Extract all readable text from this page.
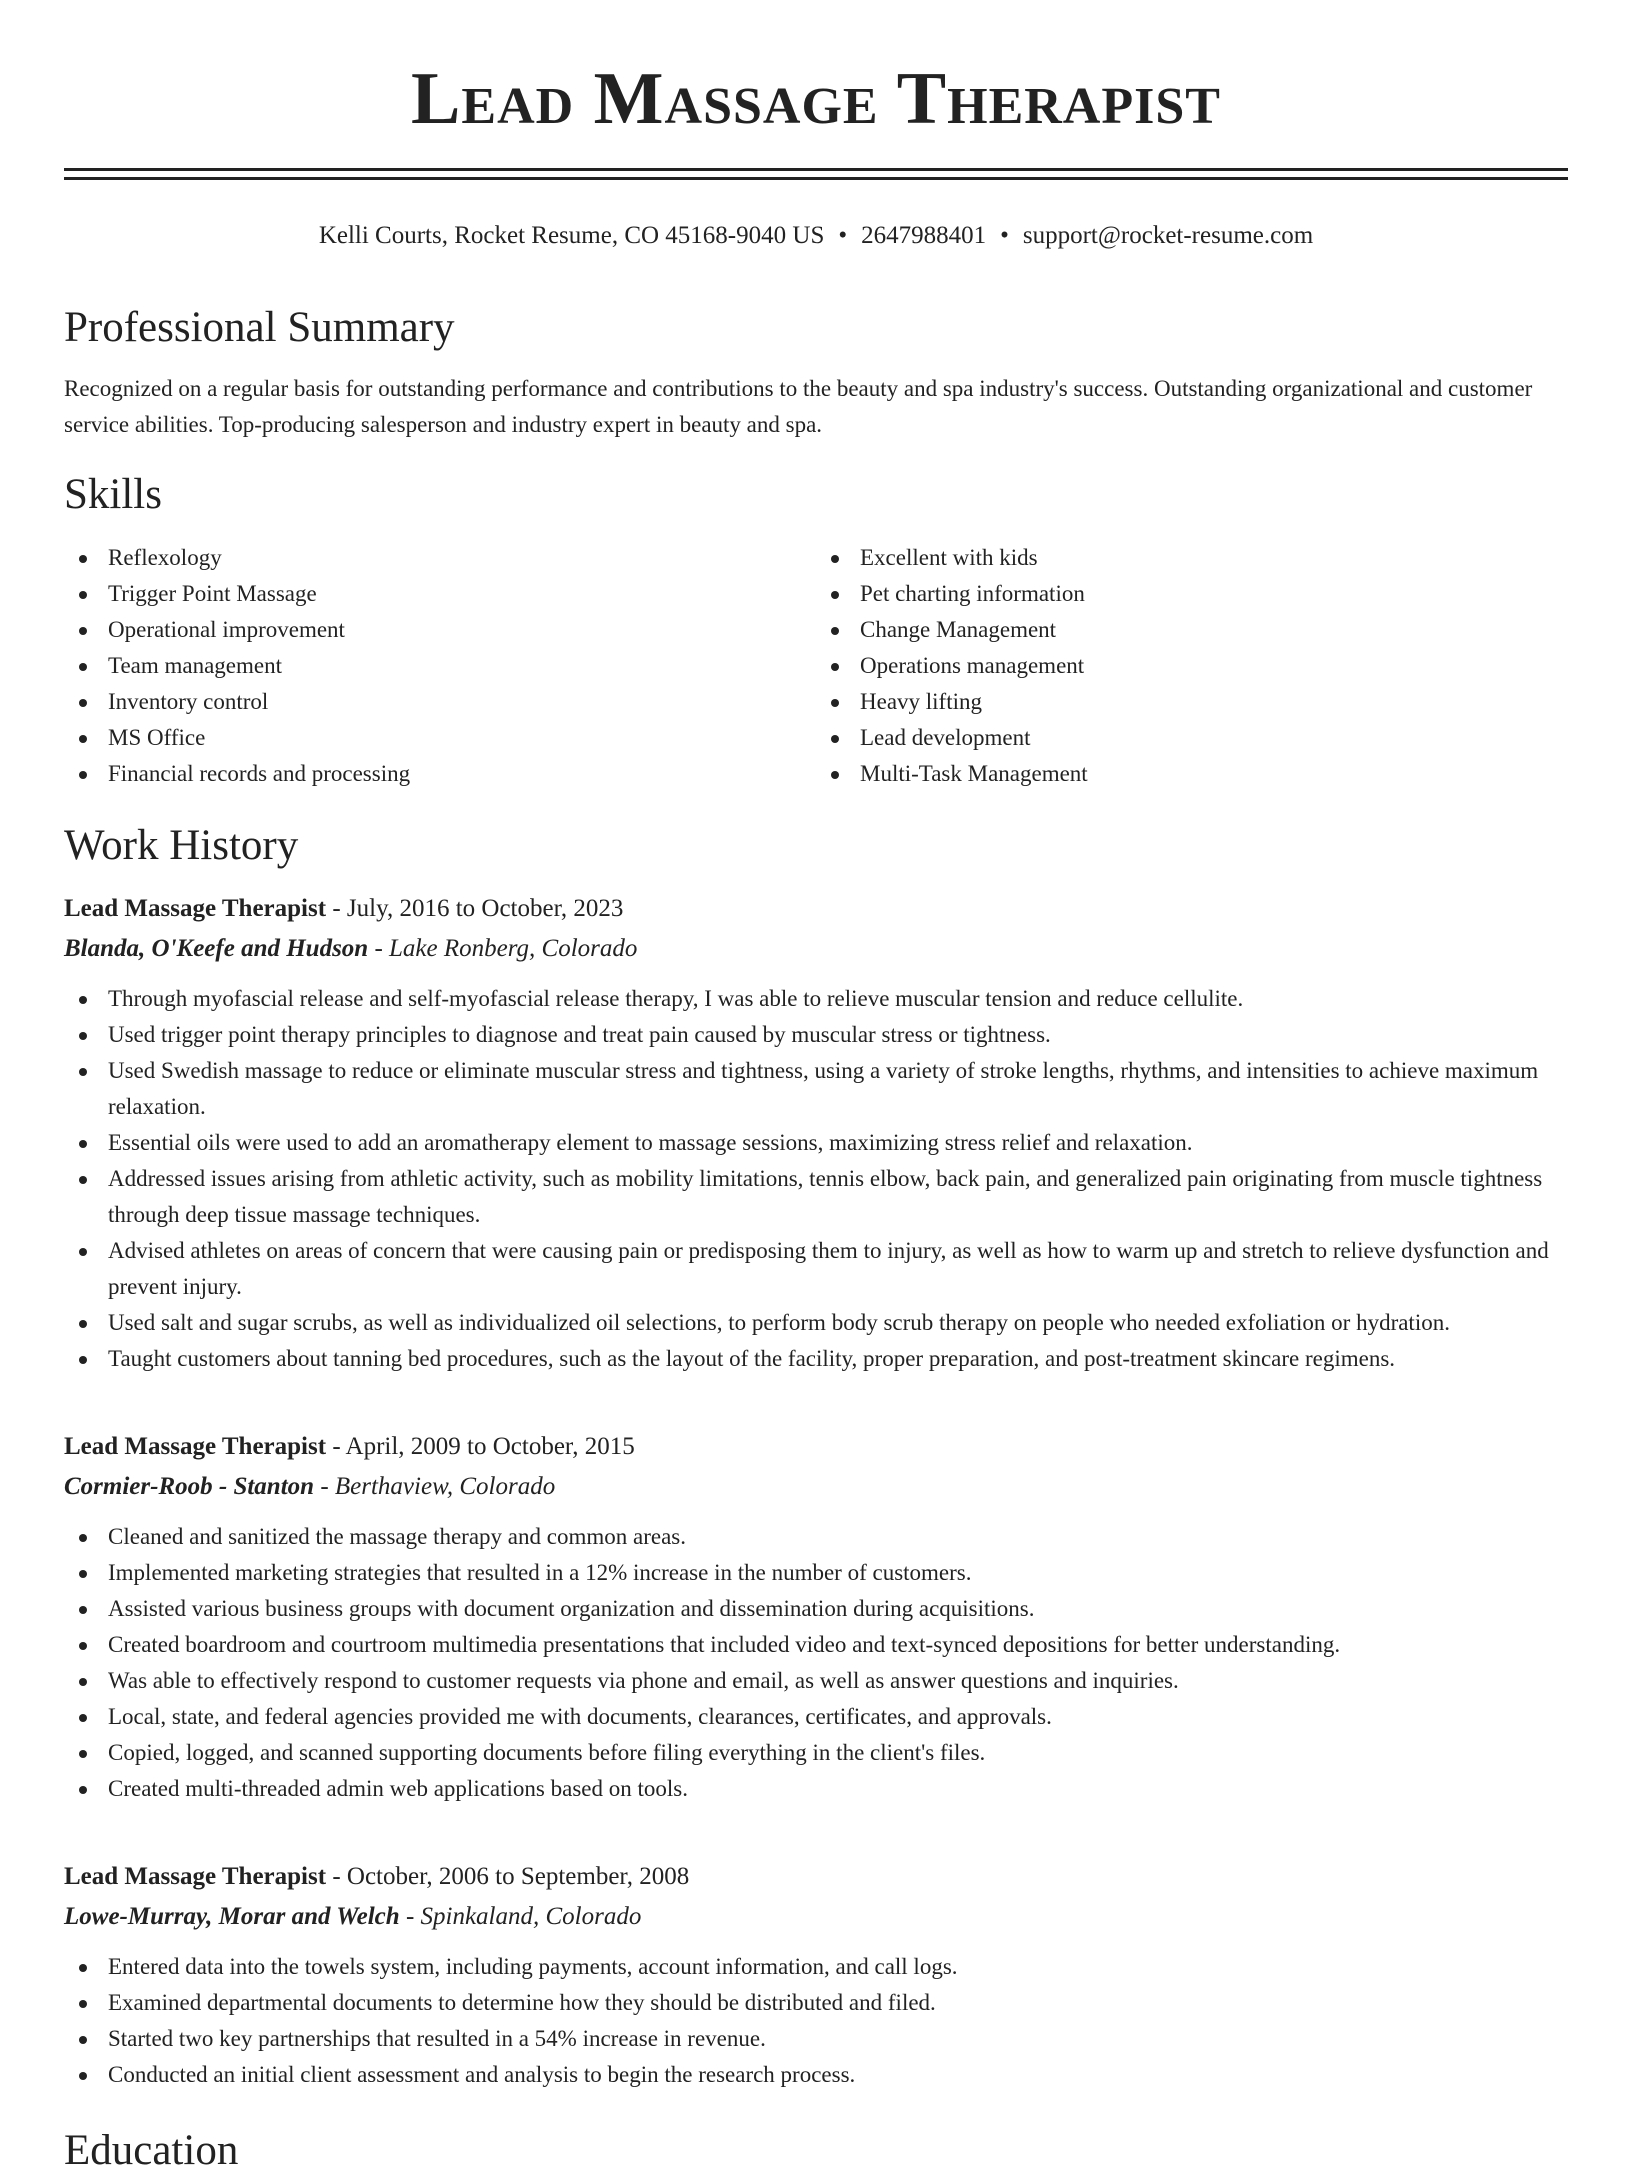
Lead Massage Therapist
Kelli Courts, Rocket Resume, CO 45168-9040 US • 2647988401 • support@rocket-resume.com
Professional Summary

Recognized on a regular basis for outstanding performance and contributions to the beauty and spa industry's success. Outstanding organizational and customer service abilities. Top-producing salesperson and industry expert in beauty and spa.

Skills
Reflexology
Trigger Point Massage
Operational improvement
Team management
Inventory control
MS Office
Financial records and processing
Excellent with kids
Pet charting information
Change Management
Operations management
Heavy lifting
Lead development
Multi-Task Management
Work History
Lead Massage Therapist - July, 2016 to October, 2023
Blanda, O'Keefe and Hudson - Lake Ronberg, Colorado
Through myofascial release and self-myofascial release therapy, I was able to relieve muscular tension and reduce cellulite.
Used trigger point therapy principles to diagnose and treat pain caused by muscular stress or tightness.
Used Swedish massage to reduce or eliminate muscular stress and tightness, using a variety of stroke lengths, rhythms, and intensities to achieve maximum relaxation.
Essential oils were used to add an aromatherapy element to massage sessions, maximizing stress relief and relaxation.
Addressed issues arising from athletic activity, such as mobility limitations, tennis elbow, back pain, and generalized pain originating from muscle tightness through deep tissue massage techniques.
Advised athletes on areas of concern that were causing pain or predisposing them to injury, as well as how to warm up and stretch to relieve dysfunction and prevent injury.
Used salt and sugar scrubs, as well as individualized oil selections, to perform body scrub therapy on people who needed exfoliation or hydration.
Taught customers about tanning bed procedures, such as the layout of the facility, proper preparation, and post-treatment skincare regimens.
Lead Massage Therapist - April, 2009 to October, 2015
Cormier-Roob - Stanton - Berthaview, Colorado
Cleaned and sanitized the massage therapy and common areas.
Implemented marketing strategies that resulted in a 12% increase in the number of customers.
Assisted various business groups with document organization and dissemination during acquisitions.
Created boardroom and courtroom multimedia presentations that included video and text-synced depositions for better understanding.
Was able to effectively respond to customer requests via phone and email, as well as answer questions and inquiries.
Local, state, and federal agencies provided me with documents, clearances, certificates, and approvals.
Copied, logged, and scanned supporting documents before filing everything in the client's files.
Created multi-threaded admin web applications based on tools.
Lead Massage Therapist - October, 2006 to September, 2008
Lowe-Murray, Morar and Welch - Spinkaland, Colorado
Entered data into the towels system, including payments, account information, and call logs.
Examined departmental documents to determine how they should be distributed and filed.
Started two key partnerships that resulted in a 54% increase in revenue.
Conducted an initial client assessment and analysis to begin the research process.
Education
